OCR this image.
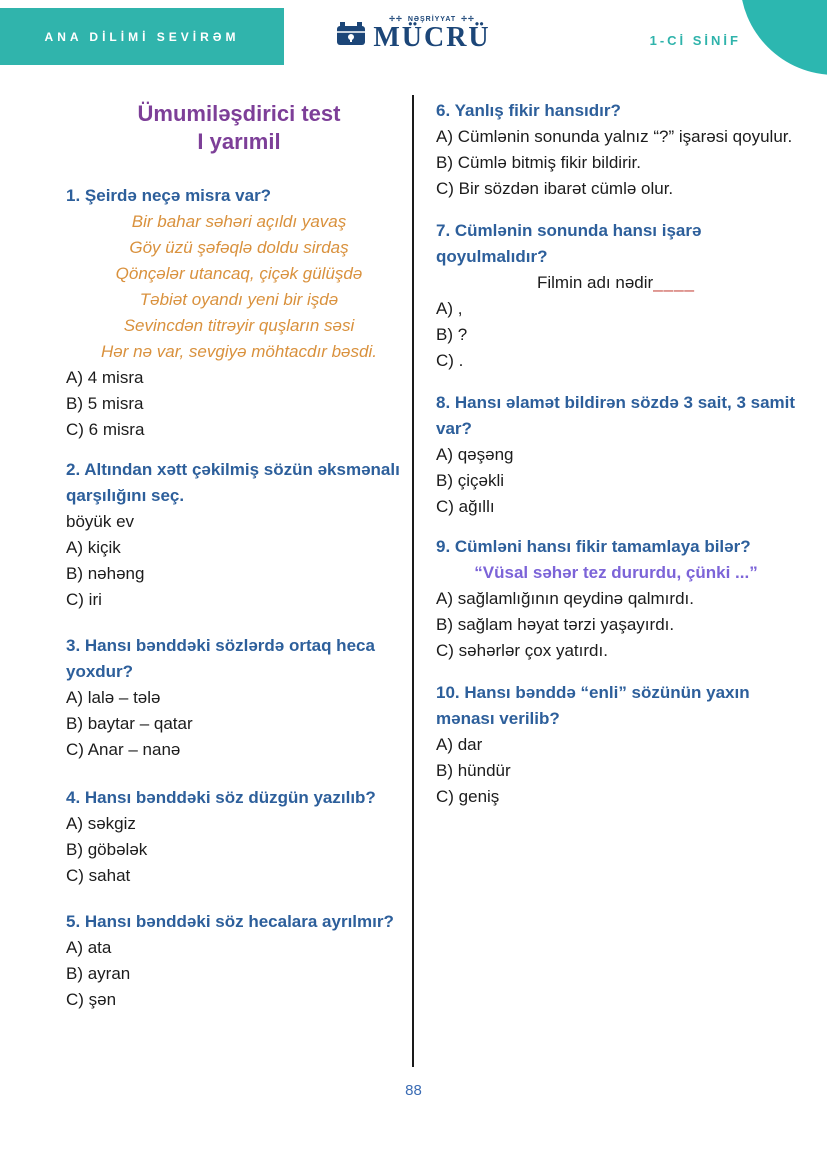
ANA DİLİMİ SEVİRƏM
✢✢ NƏŞRİYYAT ✢✢
MÜCRÜ	1-Cİ SİNİF
Ümumiləşdirici test
I yarımil
1. Şeirdə neçə misra var?
Bir bahar səhəri açıldı yavaş
Göy üzü şəfəqlə doldu sirdaş
Qönçələr utancaq, çiçək gülüşdə
Təbiət oyandı yeni bir işdə
Sevincdən titrəyir quşların səsi
Hər nə var, sevgiyə möhtacdır bəsdi.
A) 4 misra
B) 5 misra
C) 6 misra
2. Altından xətt çəkilmiş sözün əksmənalı qarşılığını seç.
böyük ev
A) kiçik
B) nəhəng
C) iri
3. Hansı bənddəki sözlərdə ortaq heca yoxdur?
A) lalə – tələ
B) baytar – qatar
C) Anar – nanə
4. Hansı bənddəki söz düzgün yazılıb?
A) səkgiz
B) göbələk
C) sahat
5. Hansı bənddəki söz hecalara ayrılmır?
A) ata
B) ayran
C) şən
6. Yanlış fikir hansıdır?
A) Cümlənin sonunda yalnız “?” işarəsi qoyulur.
B) Cümlə bitmiş fikir bildirir.
C) Bir sözdən ibarət cümlə olur.
7. Cümlənin sonunda hansı işarə qoyulmalıdır?
Filmin adı nədir____
A) ,
B) ?
C) .
8. Hansı əlamət bildirən sözdə 3 sait, 3 samit var?
A) qəşəng
B) çiçəkli
C) ağıllı
9. Cümləni hansı fikir tamamlaya bilər?
“Vüsal səhər tez dururdu, çünki ...”
A) sağlamlığının qeydinə qalmırdı.
B) sağlam həyat tərzi yaşayırdı.
C) səhərlər çox yatırdı.
10. Hansı bənddə “enli” sözünün yaxın mənası verilib?
A) dar
B) hündür
C) geniş
88
